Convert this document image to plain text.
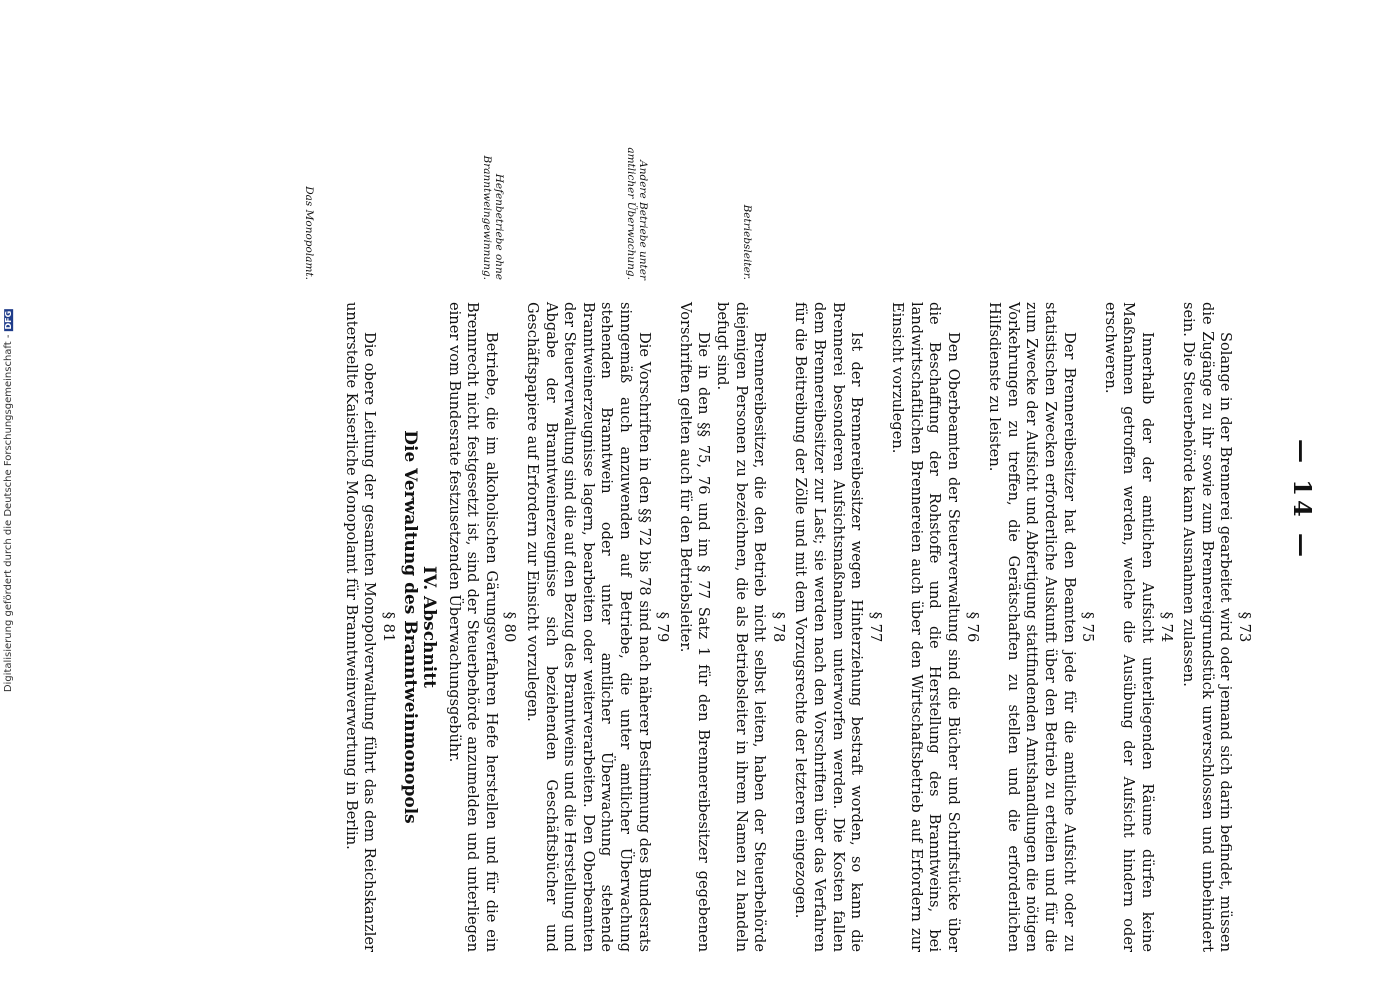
Digitalisierung gefördert durch die Deutsche Forschungsgemeinschaft -DFG
— 14 —
Betriebsleiter.
Andere Betriebe unter amtlicher Überwachung.
Hefenbetriebe ohne Branntweingewinnung.
Das Monopolamt.
§ 73

Solange in der Brennerei gearbeitet wird oder jemand sich darin befindet, müssen die Zugänge zu ihr sowie zum Brennereigrundstück unverschlossen und unbehindert sein. Die Steuerbehörde kann Ausnahmen zulassen.

§ 74

Innerhalb der der amtlichen Aufsicht unterliegenden Räume dürfen keine Maßnahmen getroffen werden, welche die Ausübung der Aufsicht hindern oder erschweren.

§ 75

Der Brennereibesitzer hat den Beamten jede für die amtliche Aufsicht oder zu statistischen Zwecken erforderliche Auskunft über den Betrieb zu erteilen und für die zum Zwecke der Aufsicht und Abfertigung stattfindenden Amtshandlungen die nötigen Vorkehrungen zu treffen, die Gerätschaften zu stellen und die erforderlichen Hilfsdienste zu leisten.

§ 76

Den Oberbeamten der Steuerverwaltung sind die Bücher und Schriftstücke über die Beschaffung der Rohstoffe und die Herstellung des Branntweins, bei landwirtschaftlichen Brennereien auch über den Wirtschaftsbetrieb auf Erfordern zur Einsicht vorzulegen.

§ 77

Ist der Brennereibesitzer wegen Hinterziehung bestraft worden, so kann die Brennerei besonderen Aufsichtsmaßnahmen unterworfen werden. Die Kosten fallen dem Brennereibesitzer zur Last; sie werden nach den Vorschriften über das Verfahren für die Beitreibung der Zölle und mit dem Vorzugsrechte der letzteren eingezogen.

§ 78

Brennereibesitzer, die den Betrieb nicht selbst leiten, haben der Steuerbehörde diejenigen Personen zu bezeichnen, die als Betriebsleiter in ihrem Namen zu handeln befugt sind.

Die in den §§ 75, 76 und im § 77 Satz 1 für den Brennereibesitzer gegebenen Vorschriften gelten auch für den Betriebsleiter.

§ 79

Die Vorschriften in den §§ 72 bis 78 sind nach näherer Bestimmung des Bundesrats sinngemäß auch anzuwenden auf Betriebe, die unter amtlicher Überwachung stehenden Branntwein oder unter amtlicher Überwachung stehende Branntweinerzeugnisse lagern, bearbeiten oder weiterverarbeiten. Den Oberbeamten der Steuerverwaltung sind die auf den Bezug des Branntweins und die Herstellung und Abgabe der Branntweinerzeugnisse sich beziehenden Geschäftsbücher und Geschäftspapiere auf Erfordern zur Einsicht vorzulegen.

§ 80

Betriebe, die im alkoholischen Gärungsverfahren Hefe herstellen und für die ein Brennrecht nicht festgesetzt ist, sind der Steuerbehörde anzumelden und unterliegen einer vom Bundesrate festzusetzenden Überwachungsgebühr.

IV. Abschnitt
Die Verwaltung des Branntweinmonopols
§ 81

Die obere Leitung der gesamten Monopolverwaltung führt das dem Reichskanzler unterstellte Kaiserliche Monopolamt für Branntweinverwertung in Berlin.
